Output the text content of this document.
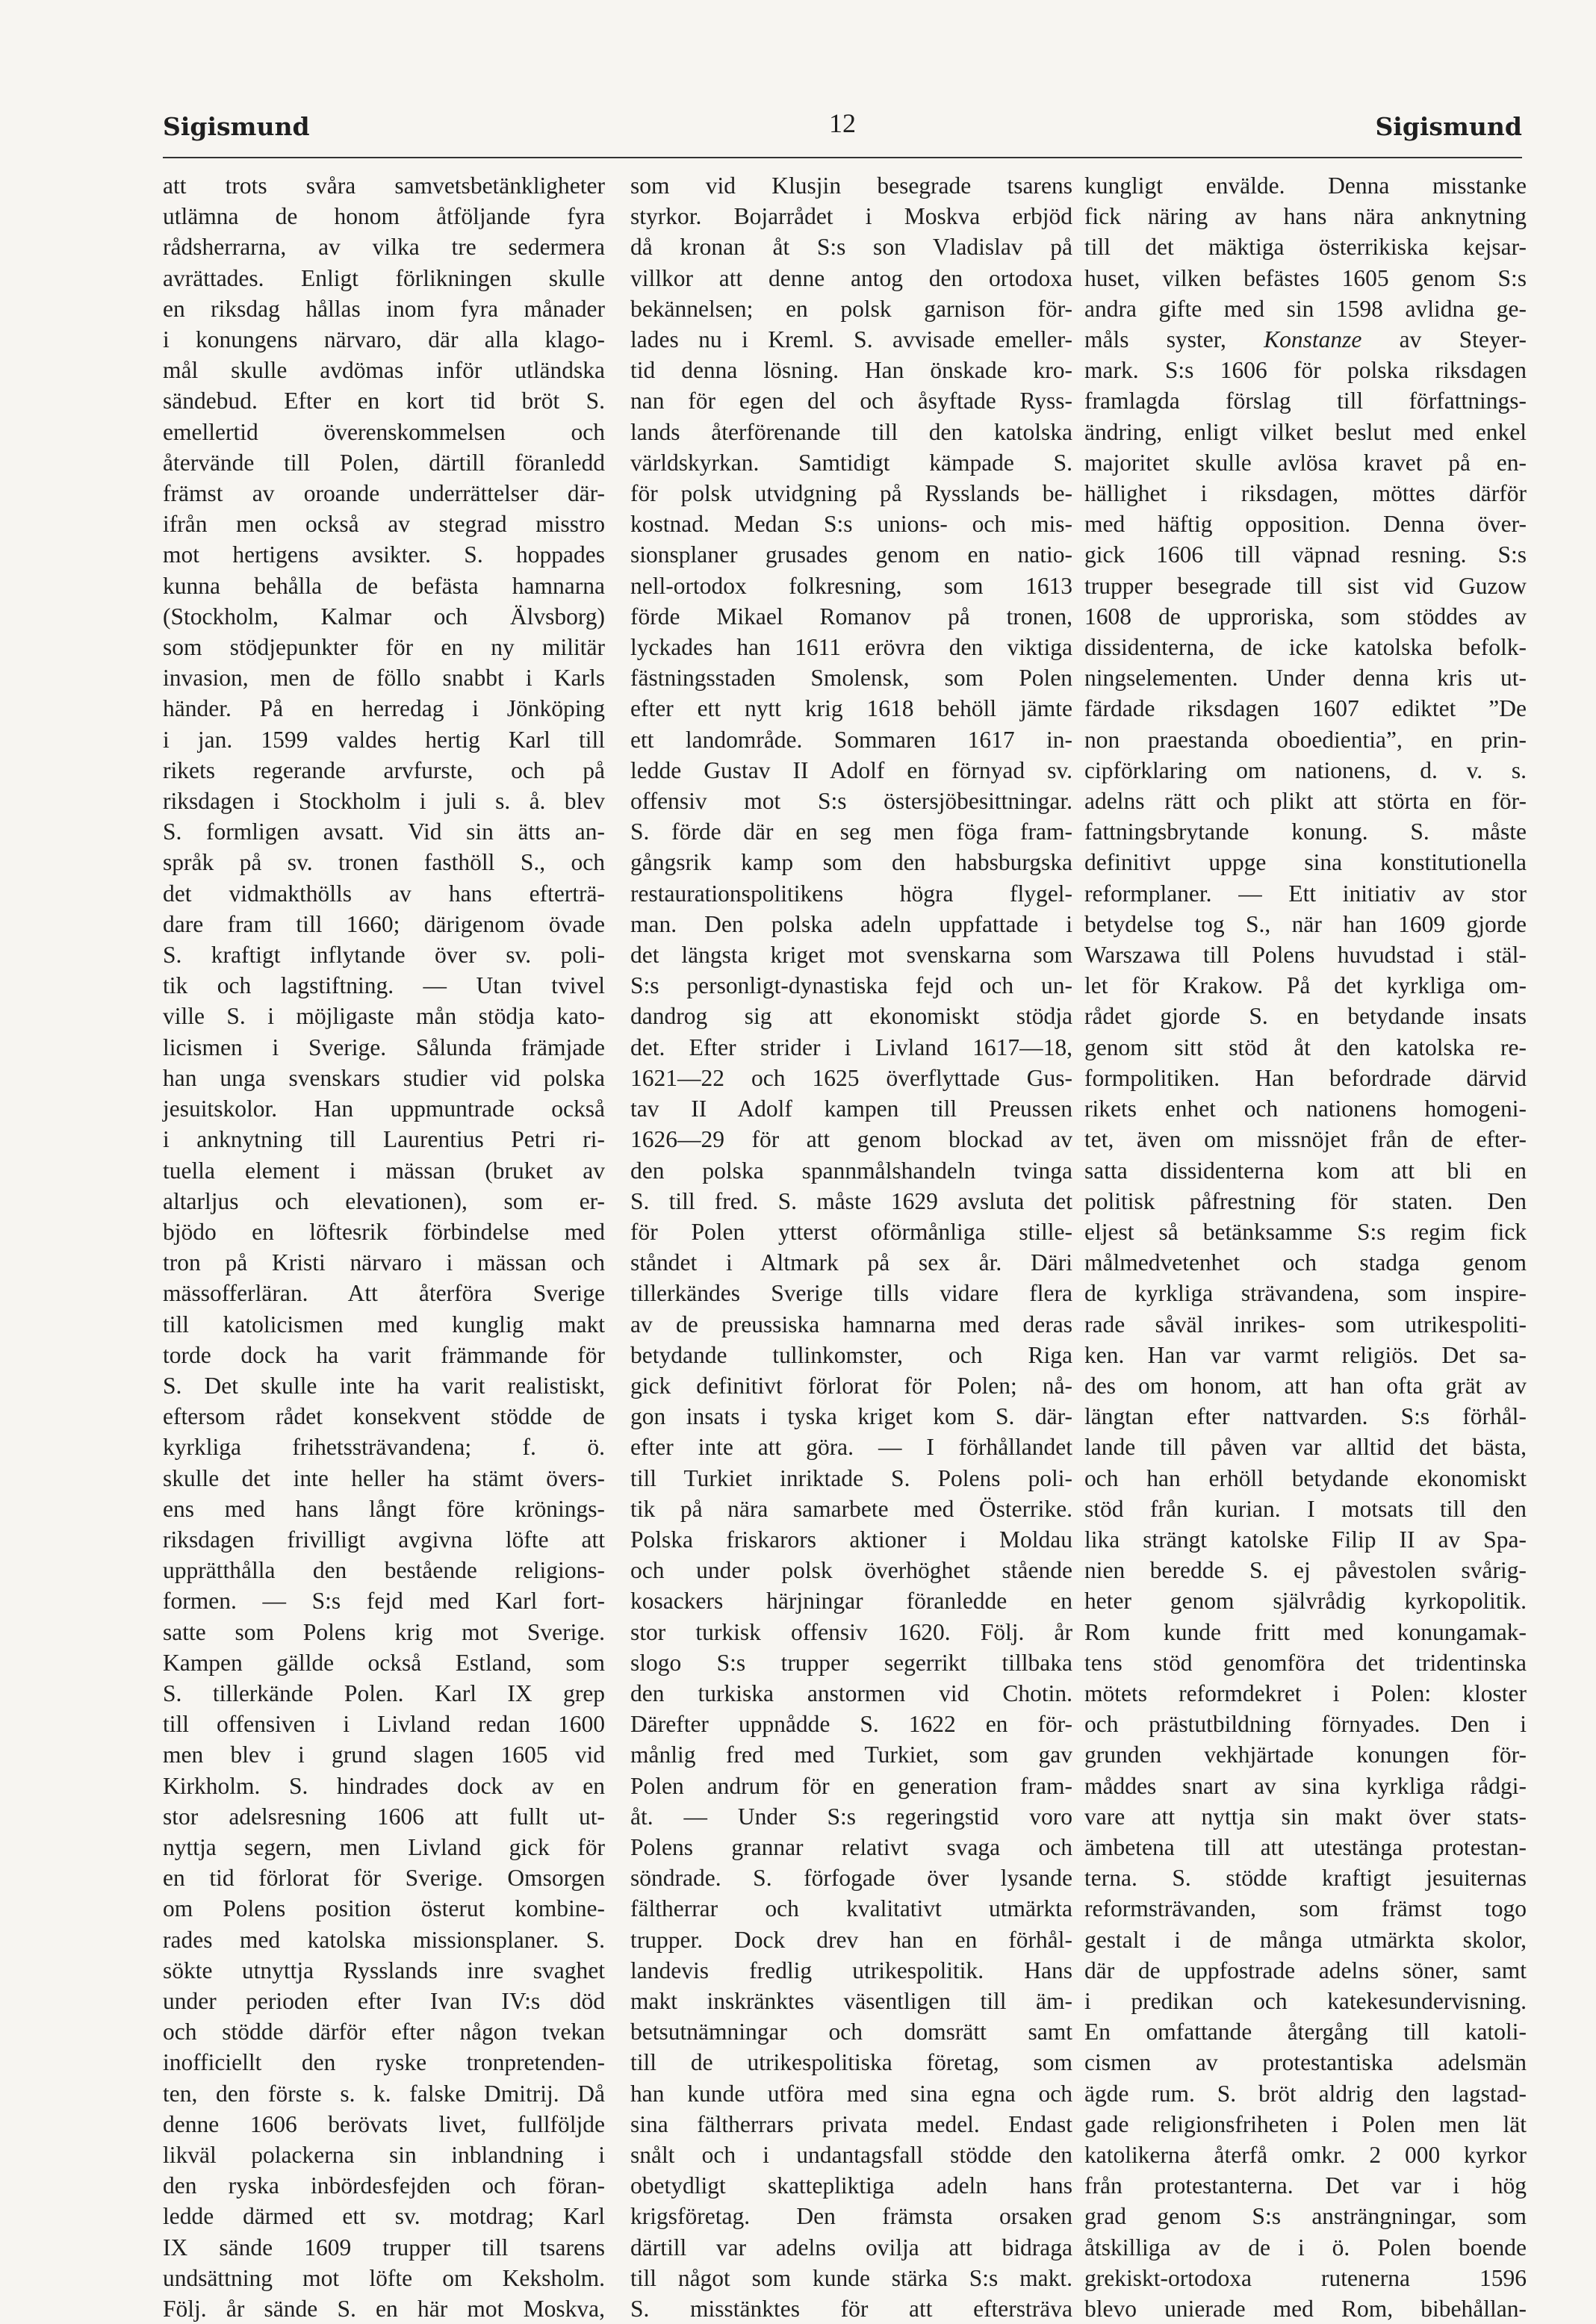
Sigismund	12	Sigismund

att trots svåra samvetsbetänkligheter
utlämna de honom åtföljande fyra
rådsherrarna, av vilka tre sedermera
avrättades. Enligt förlikningen skulle
en riksdag hållas inom fyra månader
i konungens närvaro, där alla klago-
mål skulle avdömas inför utländska
sändebud. Efter en kort tid bröt S.
emellertid överenskommelsen och
återvände till Polen, därtill föranledd
främst av oroande underrättelser där-
ifrån men också av stegrad misstro
mot hertigens avsikter. S. hoppades
kunna behålla de befästa hamnarna
(Stockholm, Kalmar och Älvsborg)
som stödjepunkter för en ny militär
invasion, men de föllo snabbt i Karls
händer. På en herredag i Jönköping
i jan. 1599 valdes hertig Karl till
rikets regerande arvfurste, och på
riksdagen i Stockholm i juli s. å. blev
S. formligen avsatt. Vid sin ätts an-
språk på sv. tronen fasthöll S., och
det vidmakthölls av hans efterträ-
dare fram till 1660; därigenom övade
S. kraftigt inflytande över sv. poli-
tik och lagstiftning. — Utan tvivel
ville S. i möjligaste mån stödja kato-
licismen i Sverige. Sålunda främjade
han unga svenskars studier vid polska
jesuitskolor. Han uppmuntrade också
i anknytning till Laurentius Petri ri-
tuella element i mässan (bruket av
altarljus och elevationen), som er-
bjödo en löftesrik förbindelse med
tron på Kristi närvaro i mässan och
mässofferläran. Att återföra Sverige
till katolicismen med kunglig makt
torde dock ha varit främmande för
S. Det skulle inte ha varit realistiskt,
eftersom rådet konsekvent stödde de
kyrkliga frihetssträvandena; f. ö.
skulle det inte heller ha stämt övers-
ens med hans långt före krönings-
riksdagen frivilligt avgivna löfte att
upprätthålla den bestående religions-
formen. — S:s fejd med Karl fort-
satte som Polens krig mot Sverige.
Kampen gällde också Estland, som
S. tillerkände Polen. Karl IX grep
till offensiven i Livland redan 1600
men blev i grund slagen 1605 vid
Kirkholm. S. hindrades dock av en
stor adelsresning 1606 att fullt ut-
nyttja segern, men Livland gick för
en tid förlorat för Sverige. Omsorgen
om Polens position österut kombine-
rades med katolska missionsplaner. S.
sökte utnyttja Rysslands inre svaghet
under perioden efter Ivan IV:s död
och stödde därför efter någon tvekan
inofficiellt den ryske tronpretenden-
ten, den förste s. k. falske Dmitrij. Då
denne 1606 berövats livet, fullföljde
likväl polackerna sin inblandning i
den ryska inbördesfejden och föran-
ledde därmed ett sv. motdrag; Karl
IX sände 1609 trupper till tsarens
undsättning mot löfte om Keksholm.
Följ. år sände S. en här mot Moskva,

som vid Klusjin besegrade tsarens
styrkor. Bojarrådet i Moskva erbjöd
då kronan åt S:s son Vladislav på
villkor att denne antog den ortodoxa
bekännelsen; en polsk garnison för-
lades nu i Kreml. S. avvisade emeller-
tid denna lösning. Han önskade kro-
nan för egen del och åsyftade Ryss-
lands återförenande till den katolska
världskyrkan. Samtidigt kämpade S.
för polsk utvidgning på Rysslands be-
kostnad. Medan S:s unions- och mis-
sionsplaner grusades genom en natio-
nell-ortodox folkresning, som 1613
förde Mikael Romanov på tronen,
lyckades han 1611 erövra den viktiga
fästningsstaden Smolensk, som Polen
efter ett nytt krig 1618 behöll jämte
ett landområde. Sommaren 1617 in-
ledde Gustav II Adolf en förnyad sv.
offensiv mot S:s östersjöbesittningar.
S. förde där en seg men föga fram-
gångsrik kamp som den habsburgska
restaurationspolitikens högra flygel-
man. Den polska adeln uppfattade i
det längsta kriget mot svenskarna som
S:s personligt-dynastiska fejd och un-
dandrog sig att ekonomiskt stödja
det. Efter strider i Livland 1617—18,
1621—22 och 1625 överflyttade Gus-
tav II Adolf kampen till Preussen
1626—29 för att genom blockad av
den polska spannmålshandeln tvinga
S. till fred. S. måste 1629 avsluta det
för Polen ytterst oförmånliga stille-
ståndet i Altmark på sex år. Däri
tillerkändes Sverige tills vidare flera
av de preussiska hamnarna med deras
betydande tullinkomster, och Riga
gick definitivt förlorat för Polen; nå-
gon insats i tyska kriget kom S. där-
efter inte att göra. — I förhållandet
till Turkiet inriktade S. Polens poli-
tik på nära samarbete med Österrike.
Polska friskarors aktioner i Moldau
och under polsk överhöghet stående
kosackers härjningar föranledde en
stor turkisk offensiv 1620. Följ. år
slogo S:s trupper segerrikt tillbaka
den turkiska anstormen vid Chotin.
Därefter uppnådde S. 1622 en för-
månlig fred med Turkiet, som gav
Polen andrum för en generation fram-
åt. — Under S:s regeringstid voro
Polens grannar relativt svaga och
söndrade. S. förfogade över lysande
fältherrar och kvalitativt utmärkta
trupper. Dock drev han en förhål-
landevis fredlig utrikespolitik. Hans
makt inskränktes väsentligen till äm-
betsutnämningar och domsrätt samt
till de utrikespolitiska företag, som
han kunde utföra med sina egna och
sina fältherrars privata medel. Endast
snålt och i undantagsfall stödde den
obetydligt skattepliktiga adeln hans
krigsföretag. Den främsta orsaken
därtill var adelns ovilja att bidraga
till något som kunde stärka S:s makt.
S. misstänktes för att eftersträva

kungligt envälde. Denna misstanke
fick näring av hans nära anknytning
till det mäktiga österrikiska kejsar-
huset, vilken befästes 1605 genom S:s
andra gifte med sin 1598 avlidna ge-
måls syster, Konstanze av Steyer-
mark. S:s 1606 för polska riksdagen
framlagda förslag till författnings-
ändring, enligt vilket beslut med enkel
majoritet skulle avlösa kravet på en-
hällighet i riksdagen, möttes därför
med häftig opposition. Denna över-
gick 1606 till väpnad resning. S:s
trupper besegrade till sist vid Guzow
1608 de upproriska, som stöddes av
dissidenterna, de icke katolska befolk-
ningselementen. Under denna kris ut-
färdade riksdagen 1607 ediktet ”De
non praestanda oboedientia”, en prin-
cipförklaring om nationens, d. v. s.
adelns rätt och plikt att störta en för-
fattningsbrytande konung. S. måste
definitivt uppge sina konstitutionella
reformplaner. — Ett initiativ av stor
betydelse tog S., när han 1609 gjorde
Warszawa till Polens huvudstad i stäl-
let för Krakow. På det kyrkliga om-
rådet gjorde S. en betydande insats
genom sitt stöd åt den katolska re-
formpolitiken. Han befordrade därvid
rikets enhet och nationens homogeni-
tet, även om missnöjet från de efter-
satta dissidenterna kom att bli en
politisk påfrestning för staten. Den
eljest så betänksamme S:s regim fick
målmedvetenhet och stadga genom
de kyrkliga strävandena, som inspire-
rade såväl inrikes- som utrikespoliti-
ken. Han var varmt religiös. Det sa-
des om honom, att han ofta grät av
längtan efter nattvarden. S:s förhål-
lande till påven var alltid det bästa,
och han erhöll betydande ekonomiskt
stöd från kurian. I motsats till den
lika strängt katolske Filip II av Spa-
nien beredde S. ej påvestolen svårig-
heter genom självrådig kyrkopolitik.
Rom kunde fritt med konungamak-
tens stöd genomföra det tridentinska
mötets reformdekret i Polen: kloster
och prästutbildning förnyades. Den i
grunden vekhjärtade konungen för-
måddes snart av sina kyrkliga rådgi-
vare att nyttja sin makt över stats-
ämbetena till att utestänga protestan-
terna. S. stödde kraftigt jesuiternas
reformsträvanden, som främst togo
gestalt i de många utmärkta skolor,
där de uppfostrade adelns söner, samt
i predikan och katekesundervisning.
En omfattande återgång till katoli-
cismen av protestantiska adelsmän
ägde rum. S. bröt aldrig den lagstad-
gade religionsfriheten i Polen men lät
katolikerna återfå omkr. 2 000 kyrkor
från protestanterna. Det var i hög
grad genom S:s ansträngningar, som
åtskilliga av de i ö. Polen boende
grekiskt-ortodoxa rutenerna 1596
blevo unierade med Rom, bibehållan-
